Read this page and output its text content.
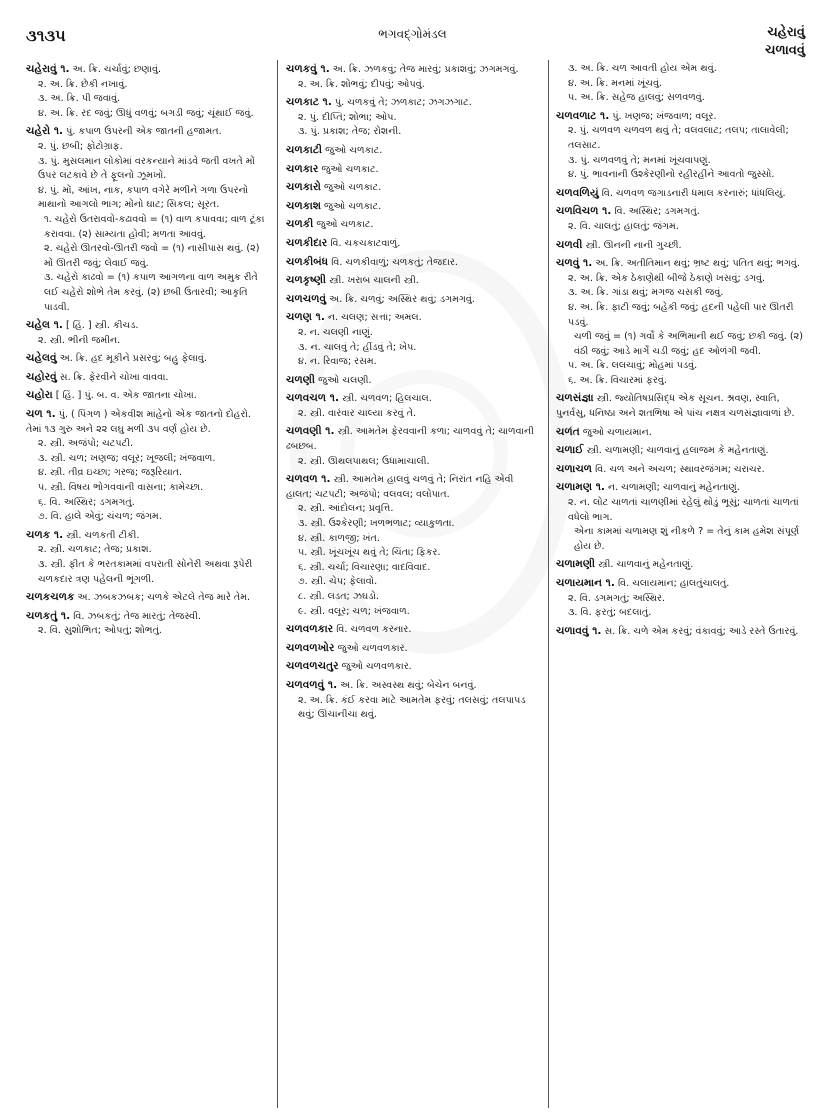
૩૧૩૫	ભગવદ્ગોમંડલ	ચહેરાવું
ચળાવવું
ચહેરાવું ૧. અ. ક્રિ. ચર્ચાવું; છણાવું.
૨. અ. ક્રિ. છેકી નખાવું.
૩. અ. ક્રિ. પી જવાવું.
૪. અ. ક્રિ. રદ જવું; ઊધું વળવું; બગડી જવું; ચૂંથાઈ જવું.
ચહેરો ૧. પું. કપાળ ઉપરની એક જાતની હજામત.
૨. પું. છબી; ફોટોગ્રાફ.
૩. પું. મુસલમાન લોકોમાં વરકન્યાને માંડવે જતી વખતે મોં ઉપર લટકાવે છે તે ફૂલનો ઝૂમખો.
૪. પું. મોં, આંખ, નાક, કપાળ વગેરે મળીને ગળા ઉપરનો માથાનો આગલો ભાગ; મોંનો ઘાટ; સિકલ; સૂરત.
૧. ચહેરો ઉતરાવવો-કઢાવવો = (૧) વાળ કપાવવા; વાળ ટૂંકા કરાવવા. (૨) સામ્યતા હોવી; મળતા આવવું.
૨. ચહેરો ઊતરવો-ઊતરી જવો = (૧) નાસીપાસ થવું. (૨) મોં ઊતરી જવું; લેવાઈ જવું.
૩. ચહેરો કાઢવો = (૧) કપાળ આગળના વાળ અમુક રીતે લઈ ચહેરો શોભે તેમ કરવું. (૨) છબી ઉતારવી; આકૃતિ પાડવી.
ચહેલ ૧. [ હિં. ] સ્ત્રી. કીચડ.
૨. સ્ત્રી. ભીની જમીન.
ચહેલવું અ. ક્રિ. હદ મૂકીને પ્રસરવું; બહુ ફેલાવું.
ચહોરવું સ. ક્રિ. ફેરવીને ચોખા વાવવા.
ચહોરા [ હિં. ] પું. બ. વ. એક જાતના ચોખા.
ચળ ૧. પું. ( પિંગળ ) એકવીશ માંહેનો એક જાતનો દોહરો. તેમાં ૧૩ ગુરુ અને ૨૨ લઘુ મળી ૩૫ વર્ણ હોય છે.
૨. સ્ત્રી. અજંપો; ચટપટી.
૩. સ્ત્રી. ચળ; ખણજ; વલૂર; ખૂજલી; ખંજવાળ.
૪. સ્ત્રી. તીવ્ર ઇચ્છા; ગરજ; જરૂરિયાત.
૫. સ્ત્રી. વિષય ભોગવવાની વાસના; કામેચ્છા.
૬. વિ. અસ્થિર; ડગમગતું.
૭. વિ. હાલે એવું; ચંચળ; જંગમ.
ચળક ૧. સ્ત્રી. ચળકતી ટીકી.
૨. સ્ત્રી. ચળકાટ; તેજ; પ્રકાશ.
૩. સ્ત્રી. ફીત કે ભરતકામમાં વપરાતી સોનેરી અથવા રૂપેરી ચળકદાર ત્રણ પહેલની ભૂંગળી.
ચળકચળક અ. ઝબકઝબક; ચળકે એટલે તેજ મારે તેમ.
ચળકતું ૧. વિ. ઝબકતું; તેજ મારતું; તેજસ્વી.
૨. વિ. સુશોભિત; ઓપતું; શોભતું.
ચળકવું ૧. અ. ક્રિ. ઝળકવું; તેજ મારવું; પ્રકાશવું; ઝગમગવું.
૨. અ. ક્રિ. શોભવું; દીપવું; ઓપવું.
ચળકાટ ૧. પું. ચળકવું તે; ઝળકાટ; ઝગઝગાટ.
૨. પું. દીપ્તિ; શોભા; ઓપ.
૩. પું. પ્રકાશ; તેજ; રોશની.
ચળકાટી જુઓ ચળકાટ.
ચળકાર જુઓ ચળકાટ.
ચળકારો જુઓ ચળકાટ.
ચળકાશ જુઓ ચળકાટ.
ચળકી જુઓ ચળકાટ.
ચળકીદાર વિ. ચકચકાટવાળું.
ચળકીબંધ વિ. ચળકીવાળું; ચળકતું; તેજદાર.
ચળકૃષ્ણી સ્ત્રી. ખરાબ ચાલની સ્ત્રી.
ચળચળવું અ. ક્રિ. ચળવું; અસ્થિર થવું; ડગમગવું.
ચળણ ૧. ન. ચલણ; સત્તા; અમલ.
૨. ન. ચલણી નાણું.
૩. ન. ચાલવું તે; હીંડવું તે; ખેપ.
૪. ન. રિવાજ; રસમ.
ચળણી જુઓ ચલણી.
ચળવચળ ૧. સ્ત્રી. ચળવળ; હિલચાલ.
૨. સ્ત્રી. વારંવાર ચાલ્યા કરવું તે.
ચળવણી ૧. સ્ત્રી. આમતેમ ફેરવવાની કળા; ચાળવવું તે; ચાળવાની ઢબછબ.
૨. સ્ત્રી. ઊથલપાથલ; ઉધામાચાલી.
ચળવળ ૧. સ્ત્રી. આમતેમ હાલવું ચળવું તે; નિરાંત નહિ એવી હાલત; ચટપટી; અજંપો; વલવલ; વલોપાત.
૨. સ્ત્રી. આંદોલન; પ્રવૃત્તિ.
૩. સ્ત્રી. ઉશ્કેરણી; ખળભળાટ; વ્યાકુળતા.
૪. સ્ત્રી. કાળજી; ખંત.
૫. સ્ત્રી. ખૂંચખૂંચ થવું તે; ચિંતા; ફિકર.
૬. સ્ત્રી. ચર્ચા; વિચારણા; વાદવિવાદ.
૭. સ્ત્રી. ચેપ; ફેલાવો.
૮. સ્ત્રી. લડત; ઝઘડો.
૯. સ્ત્રી. વલૂર; ચળ; ખંજવાળ.
ચળવળકાર વિ. ચળવળ કરનાર.
ચળવળખોર જુઓ ચળવળકાર.
ચળવળચતુર જુઓ ચળવળકાર.
ચળવળવું ૧. અ. ક્રિ. અસ્વસ્થ થવું; બેચેન બનવું.
૨. અ. ક્રિ. કંઈ કરવા માટે આમતેમ ફરવું; તલસવું; તલપાપડ થવું; ઊંચાનીચા થવું.
૩. અ. ક્રિ. ચળ આવતી હોય એમ થવું.
૪. અ. ક્રિ. મનમાં ખૂંચવું.
૫. અ. ક્રિ. સહેજ હાલવું; સળવળવું.
ચળવળાટ ૧. પું. ખણજ; ખંજવાળ; વલૂર.
૨. પું. ચળવળ ચળવળ થવું તે; વલવલાટ; તલપ; તાલાવેલી; તલસાટ.
૩. પું. ચળવળવું તે; મનમાં ખૂંચવાપણું.
૪. પું. ભાવનાની ઉશ્કેરણીનો રહીરહીને આવતો જુસ્સો.
ચળવળિયું વિ. ચળવળ જગાડનારી ધમાલ કરનારું; ધાંધલિયું.
ચળવિચળ ૧. વિ. અસ્થિર; ડગમગતું.
૨. વિ. ચાલતું; હાલતું; જંગમ.
ચળવી સ્ત્રી. ઊનની નાની ગુચ્છી.
ચળવું ૧. અ. ક્રિ. અતીતિમાન થવું; ભ્રષ્ટ થવું; પતિત થવું; ભગવું.
૨. અ. ક્રિ. એક ઠેકાણેથી બીજે ઠેકાણે ખસવું; ડગવું.
૩. અ. ક્રિ. ગાંડા થવું; મગજ ચસકી જવું.
૪. અ. ક્રિ. ફાટી જવું; બહેકી જવું; હદની પહેલી પાર ઊતરી પડવું.
ચળી જવું = (૧) ગર્વો કે અભિમાની થઈ જવું; છકી જવું. (૨) વંઠી જવું; આડે માર્ગે ચડી જવું; હદ ઓળંગી જવી.
૫. અ. ક્રિ. લલચાવું; મોહમાં પડવું.
૬. અ. ક્રિ. વિચારમાં ફરવું.
ચળસંજ્ઞા સ્ત્રી. જ્યોતિષપ્રસિદ્ધ એક સૂચન. શ્રવણ, સ્વાતિ, પુનર્વસુ, ધનિષ્ઠા અને શતભિષા એ પાંચ નક્ષત્ર ચળસંજ્ઞાવાળાં છે.
ચળંત જુઓ ચળાયમાન.
ચળાઈ સ્ત્રી. ચળામણી; ચાળવાનું હલાજમ કે મહેનતાણું.
ચળાચળ વિ. ચળ અને અચળ; સ્થાવરજંગમ; ચરાચર.
ચળામણ ૧. ન. ચળામણી; ચાળવાનું મહેનતાણું.
૨. ન. લોટ ચાળતાં ચાળણીમાં રહેલું થોડું ભૂસું; ચાળતાં ચાળતાં વધેલો ભાગ.
એના કામમાં ચળામણ શું નીકળે ? = તેનું કામ હમેશ સંપૂર્ણ હોય છે.
ચળામણી સ્ત્રી. ચાળવાનું મહેનતાણું.
ચળાયમાન ૧. વિ. ચલાયમાન; હાલતુંચાલતું.
૨. વિ. ડગમગતું; અસ્થિર.
૩. વિ. ફરતું; બદલાતું.
ચળાવવું ૧. સ. ક્રિ. ચળે એમ કરવું; વંકાવવું; આડે રસ્તે ઉતારવું.
